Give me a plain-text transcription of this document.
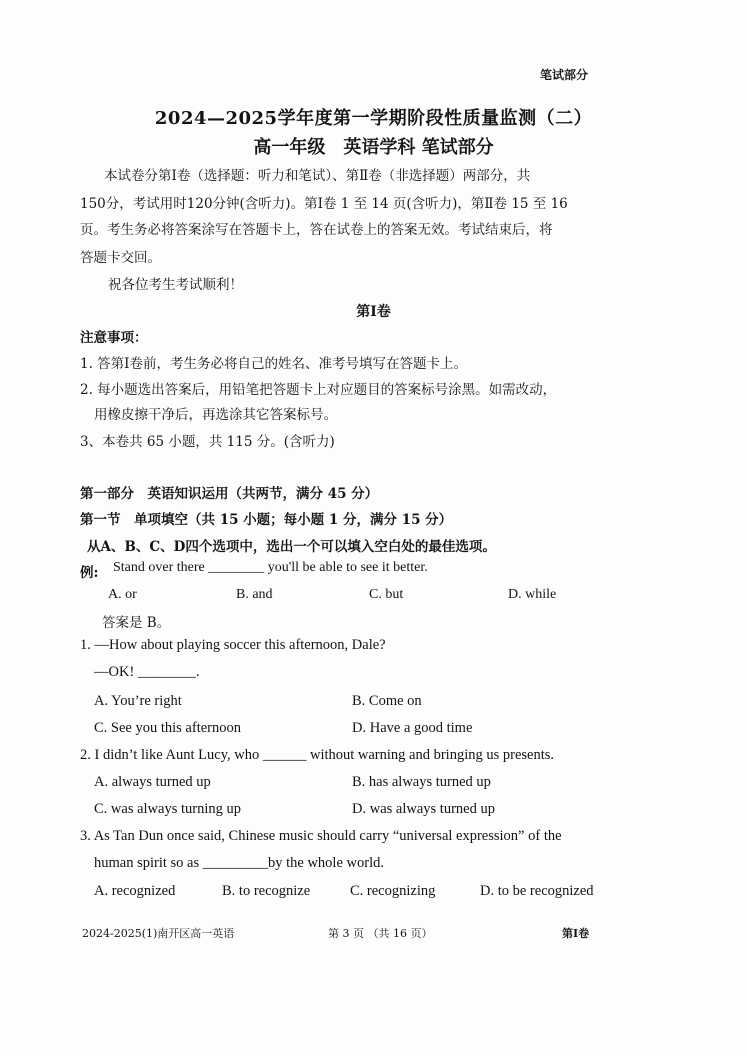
笔试部分
2024—2025学年度第一学期阶段性质量监测（二）
高一年级　英语学科 笔试部分
本试卷分第Ⅰ卷（选择题：听力和笔试）、第Ⅱ卷（非选择题）两部分，共
150分，考试用时120分钟(含听力)。第Ⅰ卷 1 至 14 页(含听力)，第Ⅱ卷 15 至 16
页。考生务必将答案涂写在答题卡上，答在试卷上的答案无效。考试结束后，将
答题卡交回。
祝各位考生考试顺利！
第Ⅰ卷
注意事项：
1. 答第Ⅰ卷前，考生务必将自己的姓名、准考号填写在答题卡上。
2. 每小题选出答案后，用铅笔把答题卡上对应题目的答案标号涂黑。如需改动，
用橡皮擦干净后，再选涂其它答案标号。
3、本卷共 65 小题，共 115 分。(含听力)
第一部分　英语知识运用（共两节，满分 45 分）
第一节　单项填空（共 15 小题；每小题 1 分，满分 15 分）
从A、B、C、D四个选项中，选出一个可以填入空白处的最佳选项。
例: Stand over there ________ you'll be able to see it better.
A. or	B. and	C. but	D. while
答案是 B。
1. —How about playing soccer this afternoon, Dale?
—OK! ________.
A. You’re right	B. Come on
C. See you this afternoon	D. Have a good time
2. I didn’t like Aunt Lucy, who ______ without warning and bringing us presents.
A. always turned up	B. has always turned up
C. was always turning up	D. was always turned up
3. As Tan Dun once said, Chinese music should carry “universal expression” of the
human spirit so as _________by the whole world.
A. recognized	B. to recognize	C. recognizing	D. to be recognized
2024-2025(1)南开区高一英语	第 3 页 （共 16 页）	第Ⅰ卷
